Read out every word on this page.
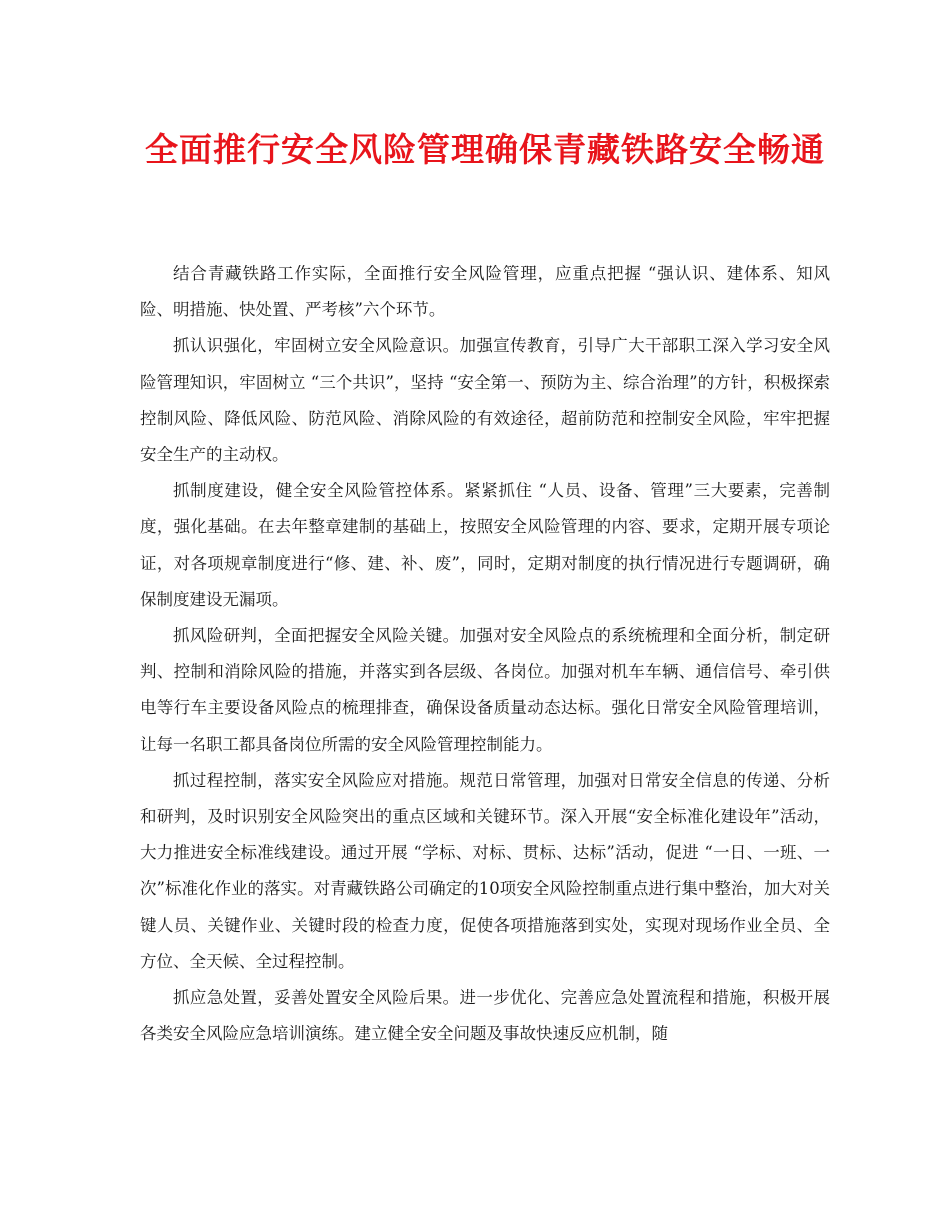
全面推行安全风险管理确保青藏铁路安全畅通

结合青藏铁路工作实际，全面推行安全风险管理，应重点把握 “强认识、建体系、知风险、明措施、快处置、严考核”六个环节。

抓认识强化，牢固树立安全风险意识。加强宣传教育，引导广大干部职工深入学习安全风险管理知识，牢固树立 “三个共识”，坚持 “安全第一、预防为主、综合治理”的方针，积极探索控制风险、降低风险、防范风险、消除风险的有效途径，超前防范和控制安全风险，牢牢把握安全生产的主动权。

抓制度建设，健全安全风险管控体系。紧紧抓住 “人员、设备、管理”三大要素，完善制度，强化基础。在去年整章建制的基础上，按照安全风险管理的内容、要求，定期开展专项论证，对各项规章制度进行“修、建、补、废”，同时，定期对制度的执行情况进行专题调研，确保制度建设无漏项。

抓风险研判，全面把握安全风险关键。加强对安全风险点的系统梳理和全面分析，制定研判、控制和消除风险的措施，并落实到各层级、各岗位。加强对机车车辆、通信信号、牵引供电等行车主要设备风险点的梳理排查，确保设备质量动态达标。强化日常安全风险管理培训，让每一名职工都具备岗位所需的安全风险管理控制能力。

抓过程控制，落实安全风险应对措施。规范日常管理，加强对日常安全信息的传递、分析和研判，及时识别安全风险突出的重点区域和关键环节。深入开展“安全标准化建设年”活动，大力推进安全标准线建设。通过开展 “学标、对标、贯标、达标”活动，促进 “一日、一班、一次”标准化作业的落实。对青藏铁路公司确定的10项安全风险控制重点进行集中整治，加大对关键人员、关键作业、关键时段的检查力度，促使各项措施落到实处，实现对现场作业全员、全方位、全天候、全过程控制。

抓应急处置，妥善处置安全风险后果。进一步优化、完善应急处置流程和措施，积极开展各类安全风险应急培训演练。建立健全安全问题及事故快速反应机制，随
